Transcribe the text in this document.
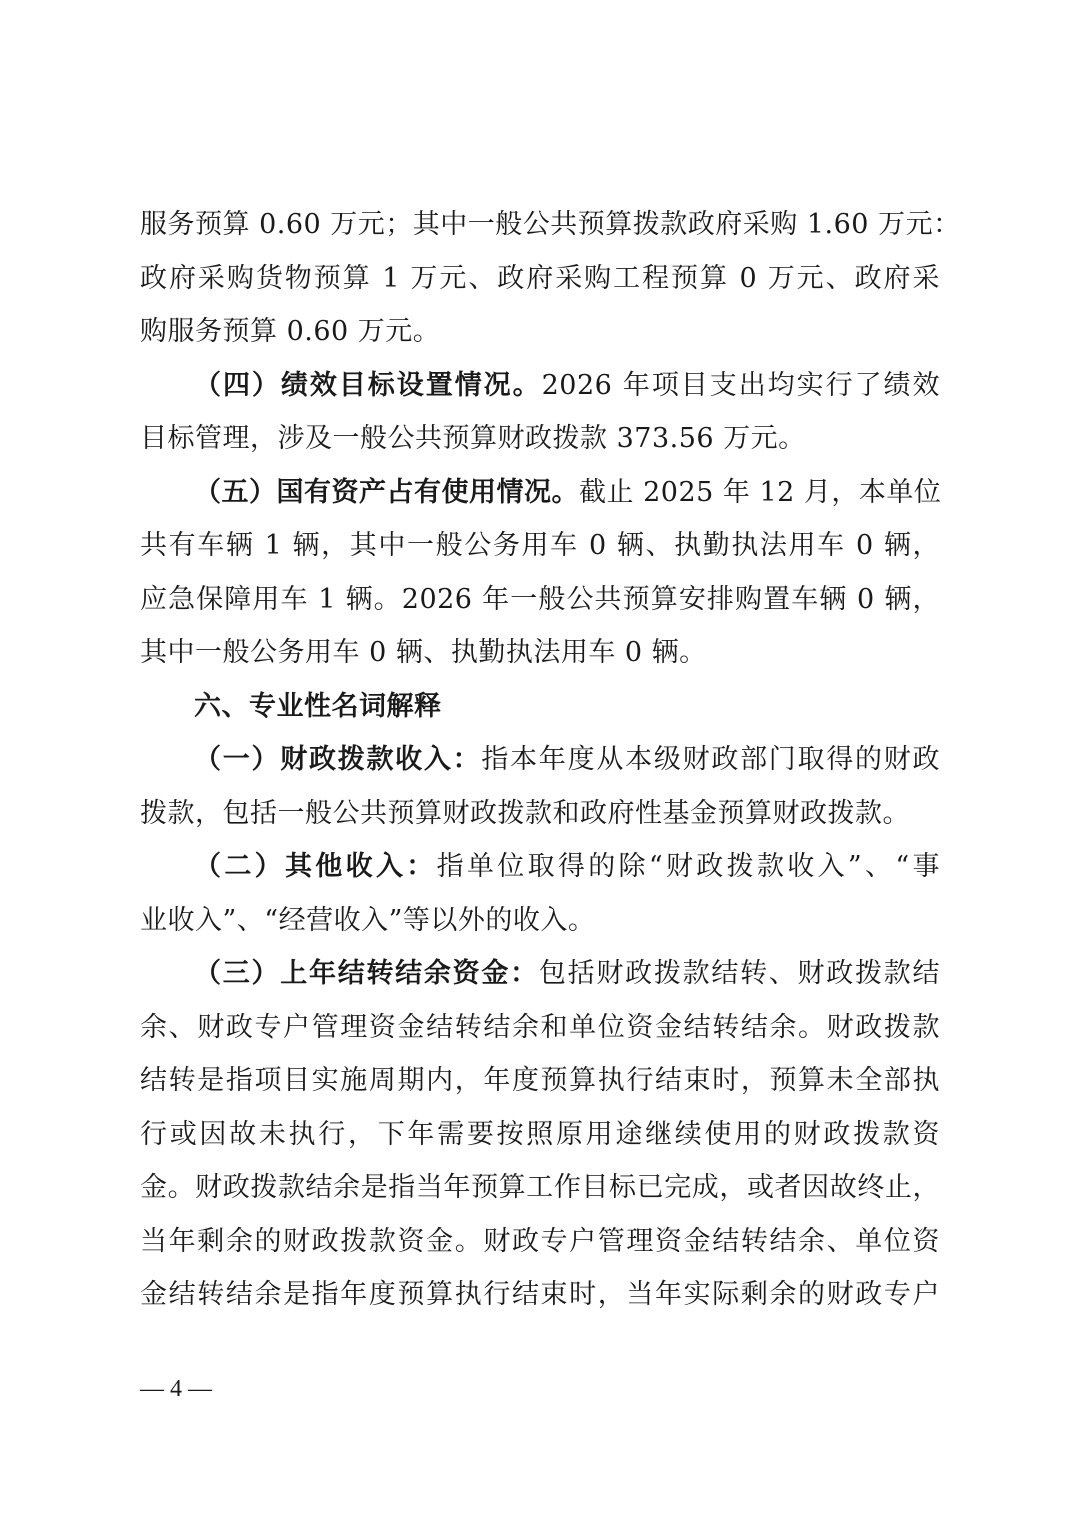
服务预算 0.60 万元；其中一般公共预算拨款政府采购 1.60 万元：
政府采购货物预算 1 万元、政府采购工程预算 0 万元、政府采
购服务预算 0.60 万元。
（四）绩效目标设置情况。2026 年项目支出均实行了绩效
目标管理，涉及一般公共预算财政拨款 373.56 万元。
（五）国有资产占有使用情况。截止 2025 年 12 月，本单位
共有车辆 1 辆，其中一般公务用车 0 辆、执勤执法用车 0 辆，
应急保障用车 1 辆。2026 年一般公共预算安排购置车辆 0 辆，
其中一般公务用车 0 辆、执勤执法用车 0 辆。
六、专业性名词解释
（一）财政拨款收入：指本年度从本级财政部门取得的财政
拨款，包括一般公共预算财政拨款和政府性基金预算财政拨款。
（二）其他收入：指单位取得的除“财政拨款收入”、“事
业收入”、“经营收入”等以外的收入。
（三）上年结转结余资金：包括财政拨款结转、财政拨款结
余、财政专户管理资金结转结余和单位资金结转结余。财政拨款
结转是指项目实施周期内，年度预算执行结束时，预算未全部执
行或因故未执行，下年需要按照原用途继续使用的财政拨款资
金。财政拨款结余是指当年预算工作目标已完成，或者因故终止，
当年剩余的财政拨款资金。财政专户管理资金结转结余、单位资
金结转结余是指年度预算执行结束时，当年实际剩余的财政专户
— 4 —
